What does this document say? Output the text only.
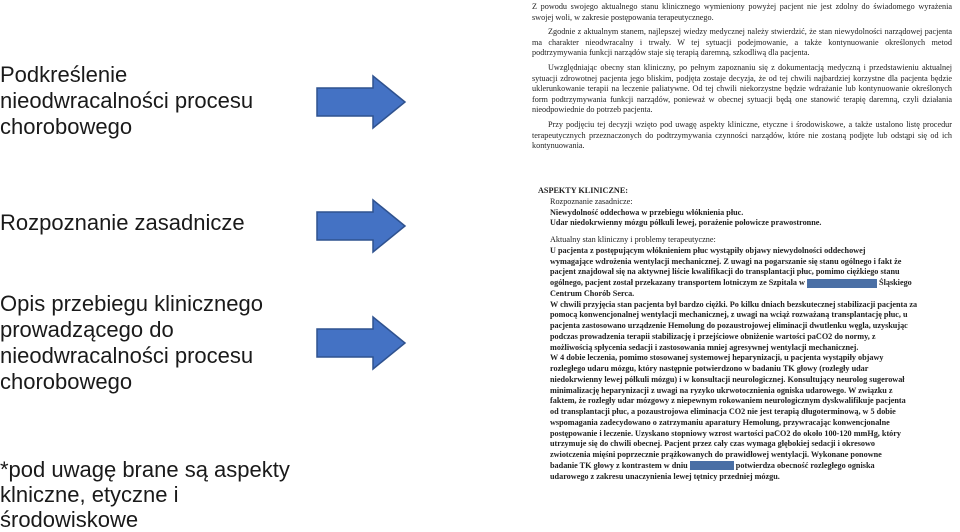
Podkreślenie nieodwracalności procesu chorobowego
Rozpoznanie zasadnicze
Opis przebiegu klinicznego prowadzącego do nieodwracalności procesu chorobowego
*pod uwagę brane są aspekty klniczne, etyczne i środowiskowe

Z powodu swojego aktualnego stanu klinicznego wymieniony powyżej pacjent nie jest zdolny do świadomego wyrażenia swojej woli, w zakresie postępowania terapeutycznego.

Zgodnie z aktualnym stanem, najlepszej wiedzy medycznej należy stwierdzić, że stan niewydolności narządowej pacjenta ma charakter nieodwracalny i trwały. W tej sytuacji podejmowanie, a także kontynuowanie określonych metod podtrzymywania funkcji narządów staje się terapią daremną, szkodliwą dla pacjenta.

Uwzględniając obecny stan kliniczny, po pełnym zapoznaniu się z dokumentacją medyczną i przedstawieniu aktualnej sytuacji zdrowotnej pacjenta jego bliskim, podjęta zostaje decyzja, że od tej chwili najbardziej korzystne dla pacjenta będzie uklerunkowanie terapii na leczenie paliatywne. Od tej chwili niekorzystne będzie wdrażanie lub kontynuowanie określonych form podtrzymywania funkcji narządów, ponieważ w obecnej sytuacji będą one stanowić terapię daremną, czyli działania nieodpowiednie do potrzeb pacjenta.

Przy podjęciu tej decyzji wzięto pod uwagę aspekty kliniczne, etyczne i środowiskowe, a także ustalono listę procedur terapeutycznych przeznaczonych do podtrzymywania czynności narządów, które nie zostaną podjęte lub odstąpi się od ich kontynuowania.

ASPEKTY KLINICZNE:
Rozpoznanie zasadnicze:
Niewydolność oddechowa w przebiegu włóknienia płuc.
Udar niedokrwienny mózgu półkuli lewej, porażenie połowicze prawostronne.
Aktualny stan kliniczny i problemy terapeutyczne:
U pacjenta z postępującym włóknieniem płuc wystąpiły objawy niewydolności oddechowej
wymagające wdrożenia wentylacji mechanicznej. Z uwagi na pogarszanie się stanu ogólnego i fakt że
pacjent znajdował się na aktywnej liście kwalifikacji do transplantacji płuc, pomimo ciężkiego stanu
ogólnego, pacjent został przekazany transportem lotniczym ze Szpitala w	Śląskiego
Centrum Chorób Serca.
W chwili przyjęcia stan pacjenta był bardzo ciężki. Po kilku dniach bezskutecznej stabilizacji pacjenta za
pomocą konwencjonalnej wentylacji mechanicznej, z uwagi na wciąż rozważaną transplantację płuc, u
pacjenta zastosowano urządzenie Hemolung do pozaustrojowej eliminacji dwutlenku węgla, uzyskując
podczas prowadzenia terapii stabilizację i przejściowe obniżenie wartości paCO2 do normy, z
możliwością spłycenia sedacji i zastosowania mniej agresywnej wentylacji mechanicznej.
W 4 dobie leczenia, pomimo stosowanej systemowej heparynizacji, u pacjenta wystąpiły objawy
rozległego udaru mózgu, który następnie potwierdzono w badaniu TK głowy (rozległy udar
niedokrwienny lewej półkuli mózgu) i w konsultacji neurologicznej. Konsultujący neurolog sugerował
minimalizację heparynizacji z uwagi na ryzyko ukrwotocznienia ogniska udarowego. W związku z
faktem, że rozległy udar mózgowy z niepewnym rokowaniem neurologicznym dyskwalifikuje pacjenta
od transplantacji płuc, a pozaustrojowa eliminacja CO2 nie jest terapią długoterminową, w 5 dobie
wspomagania zadecydowano o zatrzymaniu aparatury Hemolung, przywracając konwencjonalne
postępowanie i leczenie. Uzyskano stopniowy wzrost wartości paCO2 do około 100-120 mmHg, który
utrzymuje się do chwili obecnej. Pacjent przez cały czas wymaga głębokiej sedacji i okresowo
zwiotczenia mięśni poprzecznie prążkowanych do prawidłowej wentylacji. Wykonane ponowne
badanie TK głowy z kontrastem w dniu	potwierdza obecność rozległego ogniska
udarowego z zakresu unaczynienia lewej tętnicy przedniej mózgu.
